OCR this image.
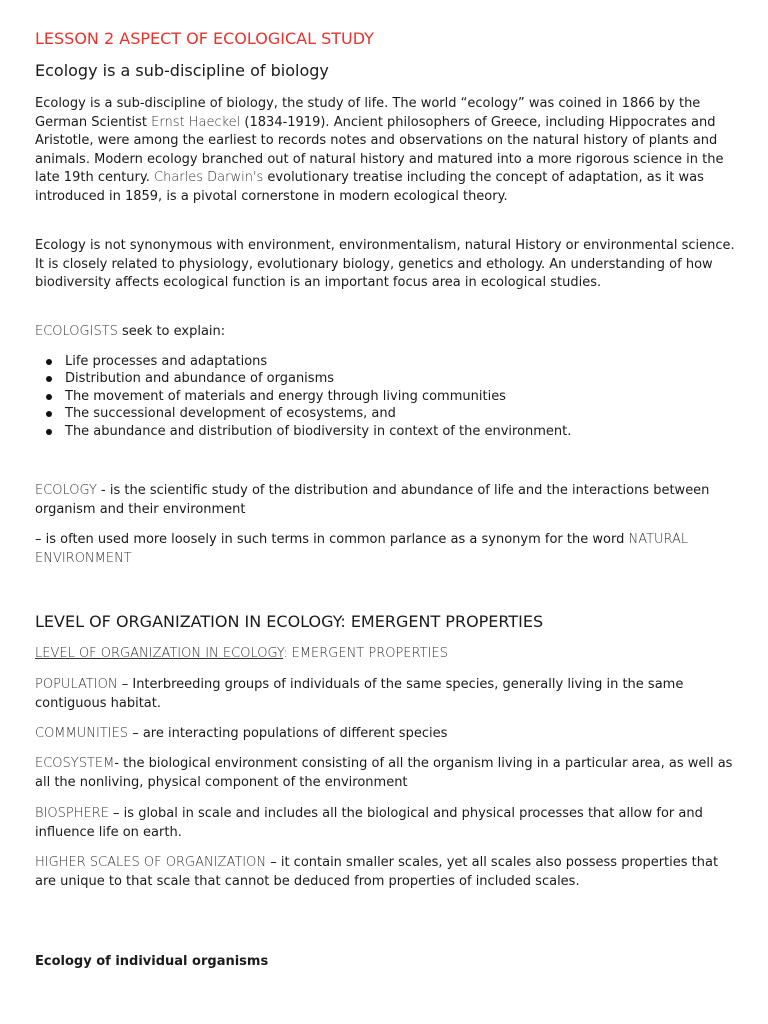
LESSON 2 ASPECT OF ECOLOGICAL STUDY
Ecology is a sub-discipline of biology

Ecology is a sub-discipline of biology, the study of life. The world “ecology” was coined in 1866 by the German Scientist Ernst Haeckel (1834-1919). Ancient philosophers of Greece, including Hippocrates and Aristotle, were among the earliest to records notes and observations on the natural history of plants and animals. Modern ecology branched out of natural history and matured into a more rigorous science in the late 19th century. Charles Darwin's evolutionary treatise including the concept of adaptation, as it was introduced in 1859, is a pivotal cornerstone in modern ecological theory.

Ecology is not synonymous with environment, environmentalism, natural History or environmental science. It is closely related to physiology, evolutionary biology, genetics and ethology. An understanding of how biodiversity affects ecological function is an important focus area in ecological studies.

ECOLOGISTS seek to explain:

Life processes and adaptations
Distribution and abundance of organisms
The movement of materials and energy through living communities
The successional development of ecosystems, and
The abundance and distribution of biodiversity in context of the environment.

ECOLOGY - is the scientific study of the distribution and abundance of life and the interactions between organism and their environment

– is often used more loosely in such terms in common parlance as a synonym for the word NATURAL ENVIRONMENT

LEVEL OF ORGANIZATION IN ECOLOGY: EMERGENT PROPERTIES

LEVEL OF ORGANIZATION IN ECOLOGY: EMERGENT PROPERTIES

POPULATION – Interbreeding groups of individuals of the same species, generally living in the same contiguous habitat.

COMMUNITIES – are interacting populations of different species

ECOSYSTEM- the biological environment consisting of all the organism living in a particular area, as well as all the nonliving, physical component of the environment

BIOSPHERE – is global in scale and includes all the biological and physical processes that allow for and influence life on earth.

HIGHER SCALES OF ORGANIZATION – it contain smaller scales, yet all scales also possess properties that are unique to that scale that cannot be deduced from properties of included scales.

Ecology of individual organisms
